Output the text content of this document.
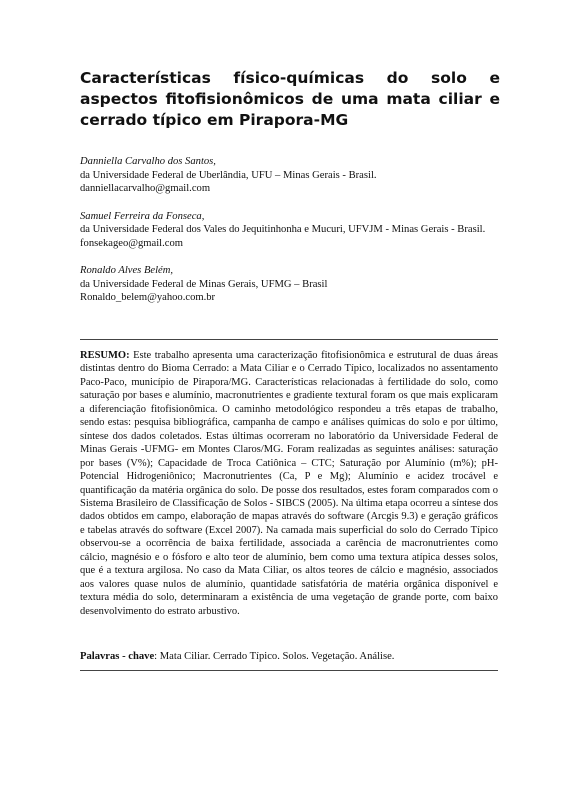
Características físico-químicas do solo e aspectos fitofisionômicos de uma mata ciliar e cerrado típico em Pirapora-MG
Danniella Carvalho dos Santos,
da Universidade Federal de Uberlândia, UFU – Minas Gerais - Brasil.
danniellacarvalho@gmail.com
Samuel Ferreira da Fonseca,
da Universidade Federal dos Vales do Jequitinhonha e Mucuri, UFVJM - Minas Gerais - Brasil.
fonsekageo@gmail.com
Ronaldo Alves Belém,
da Universidade Federal de Minas Gerais, UFMG – Brasil
Ronaldo_belem@yahoo.com.br
RESUMO: Este trabalho apresenta uma caracterização fitofisionômica e estrutural de duas áreas distintas dentro do Bioma Cerrado: a Mata Ciliar e o Cerrado Típico, localizados no assentamento Paco-Paco, município de Pirapora/MG. Características relacionadas à fertilidade do solo, como saturação por bases e alumínio, macronutrientes e gradiente textural foram os que mais explicaram a diferenciação fitofisionômica. O caminho metodológico respondeu a três etapas de trabalho, sendo estas: pesquisa bibliográfica, campanha de campo e análises químicas do solo e por último, síntese dos dados coletados. Estas últimas ocorreram no laboratório da Universidade Federal de Minas Gerais -UFMG- em Montes Claros/MG. Foram realizadas as seguintes análises: saturação por bases (V%); Capacidade de Troca Catiônica – CTC; Saturação por Alumínio (m%); pH-Potencial Hidrogeniônico; Macronutrientes (Ca, P e Mg); Alumínio e acidez trocável e quantificação da matéria orgânica do solo. De posse dos resultados, estes foram comparados com o Sistema Brasileiro de Classificação de Solos - SIBCS (2005). Na última etapa ocorreu a síntese dos dados obtidos em campo, elaboração de mapas através do software (Arcgis 9.3) e geração gráficos e tabelas através do software (Excel 2007). Na camada mais superficial do solo do Cerrado Típico observou-se a ocorrência de baixa fertilidade, associada a carência de macronutrientes como cálcio, magnésio e o fósforo e alto teor de alumínio, bem como uma textura atípica desses solos, que é a textura argilosa. No caso da Mata Ciliar, os altos teores de cálcio e magnésio, associados aos valores quase nulos de alumínio, quantidade satisfatória de matéria orgânica disponível e textura média do solo, determinaram a existência de uma vegetação de grande porte, com baixo desenvolvimento do estrato arbustivo.
Palavras - chave: Mata Ciliar. Cerrado Típico. Solos. Vegetação. Análise.
